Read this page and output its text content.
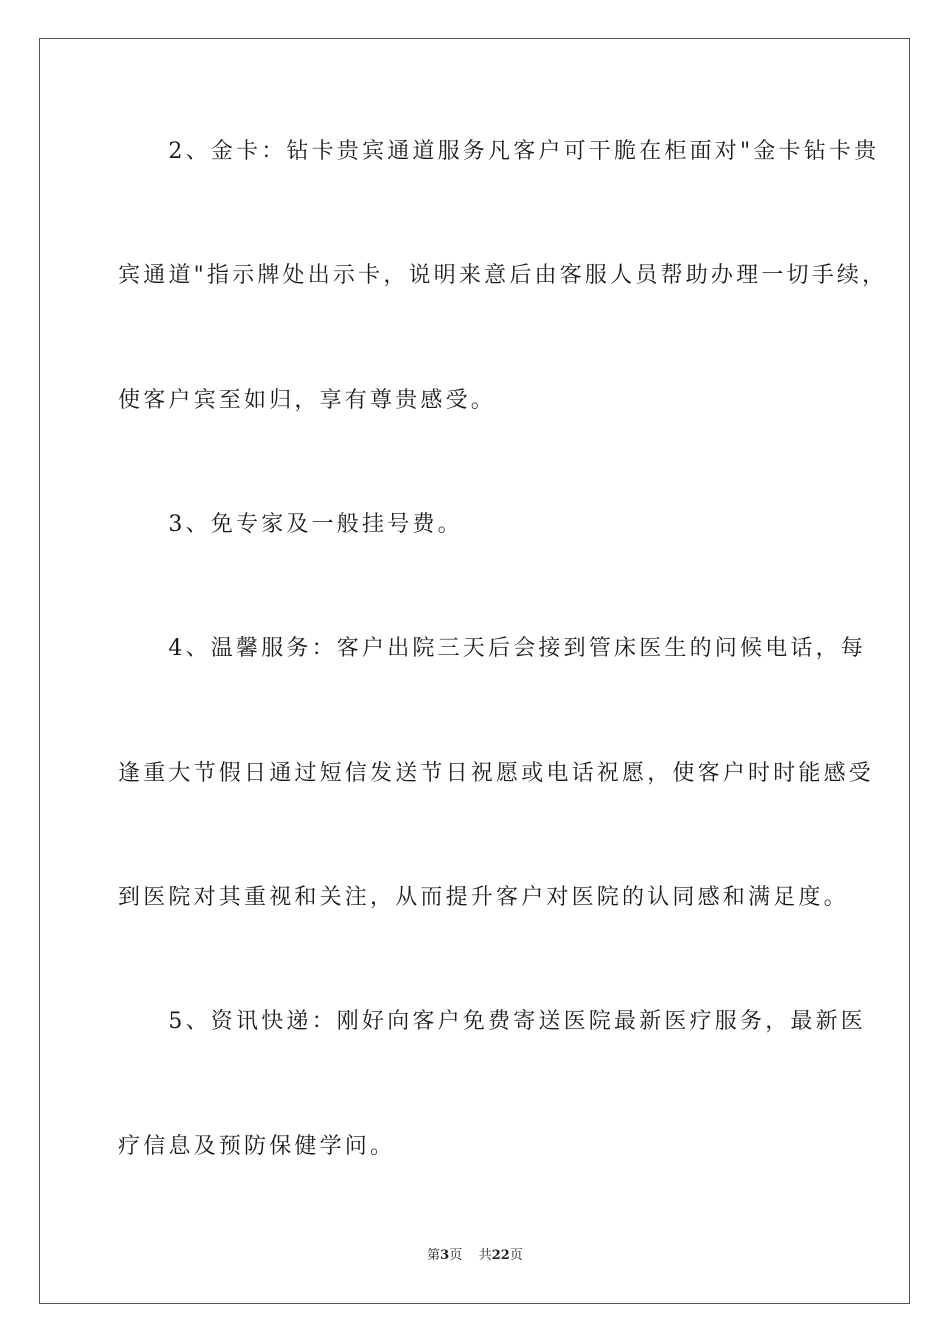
　　2、金卡：钻卡贵宾通道服务凡客户可干脆在柜面对"金卡钻卡贵
宾通道"指示牌处出示卡，说明来意后由客服人员帮助办理一切手续，
使客户宾至如归，享有尊贵感受。
　　3、免专家及一般挂号费。
　　4、温馨服务：客户出院三天后会接到管床医生的问候电话，每
逢重大节假日通过短信发送节日祝愿或电话祝愿，使客户时时能感受
到医院对其重视和关注，从而提升客户对医院的认同感和满足度。
　　5、资讯快递：刚好向客户免费寄送医院最新医疗服务，最新医
疗信息及预防保健学问。
第3页 共22页
